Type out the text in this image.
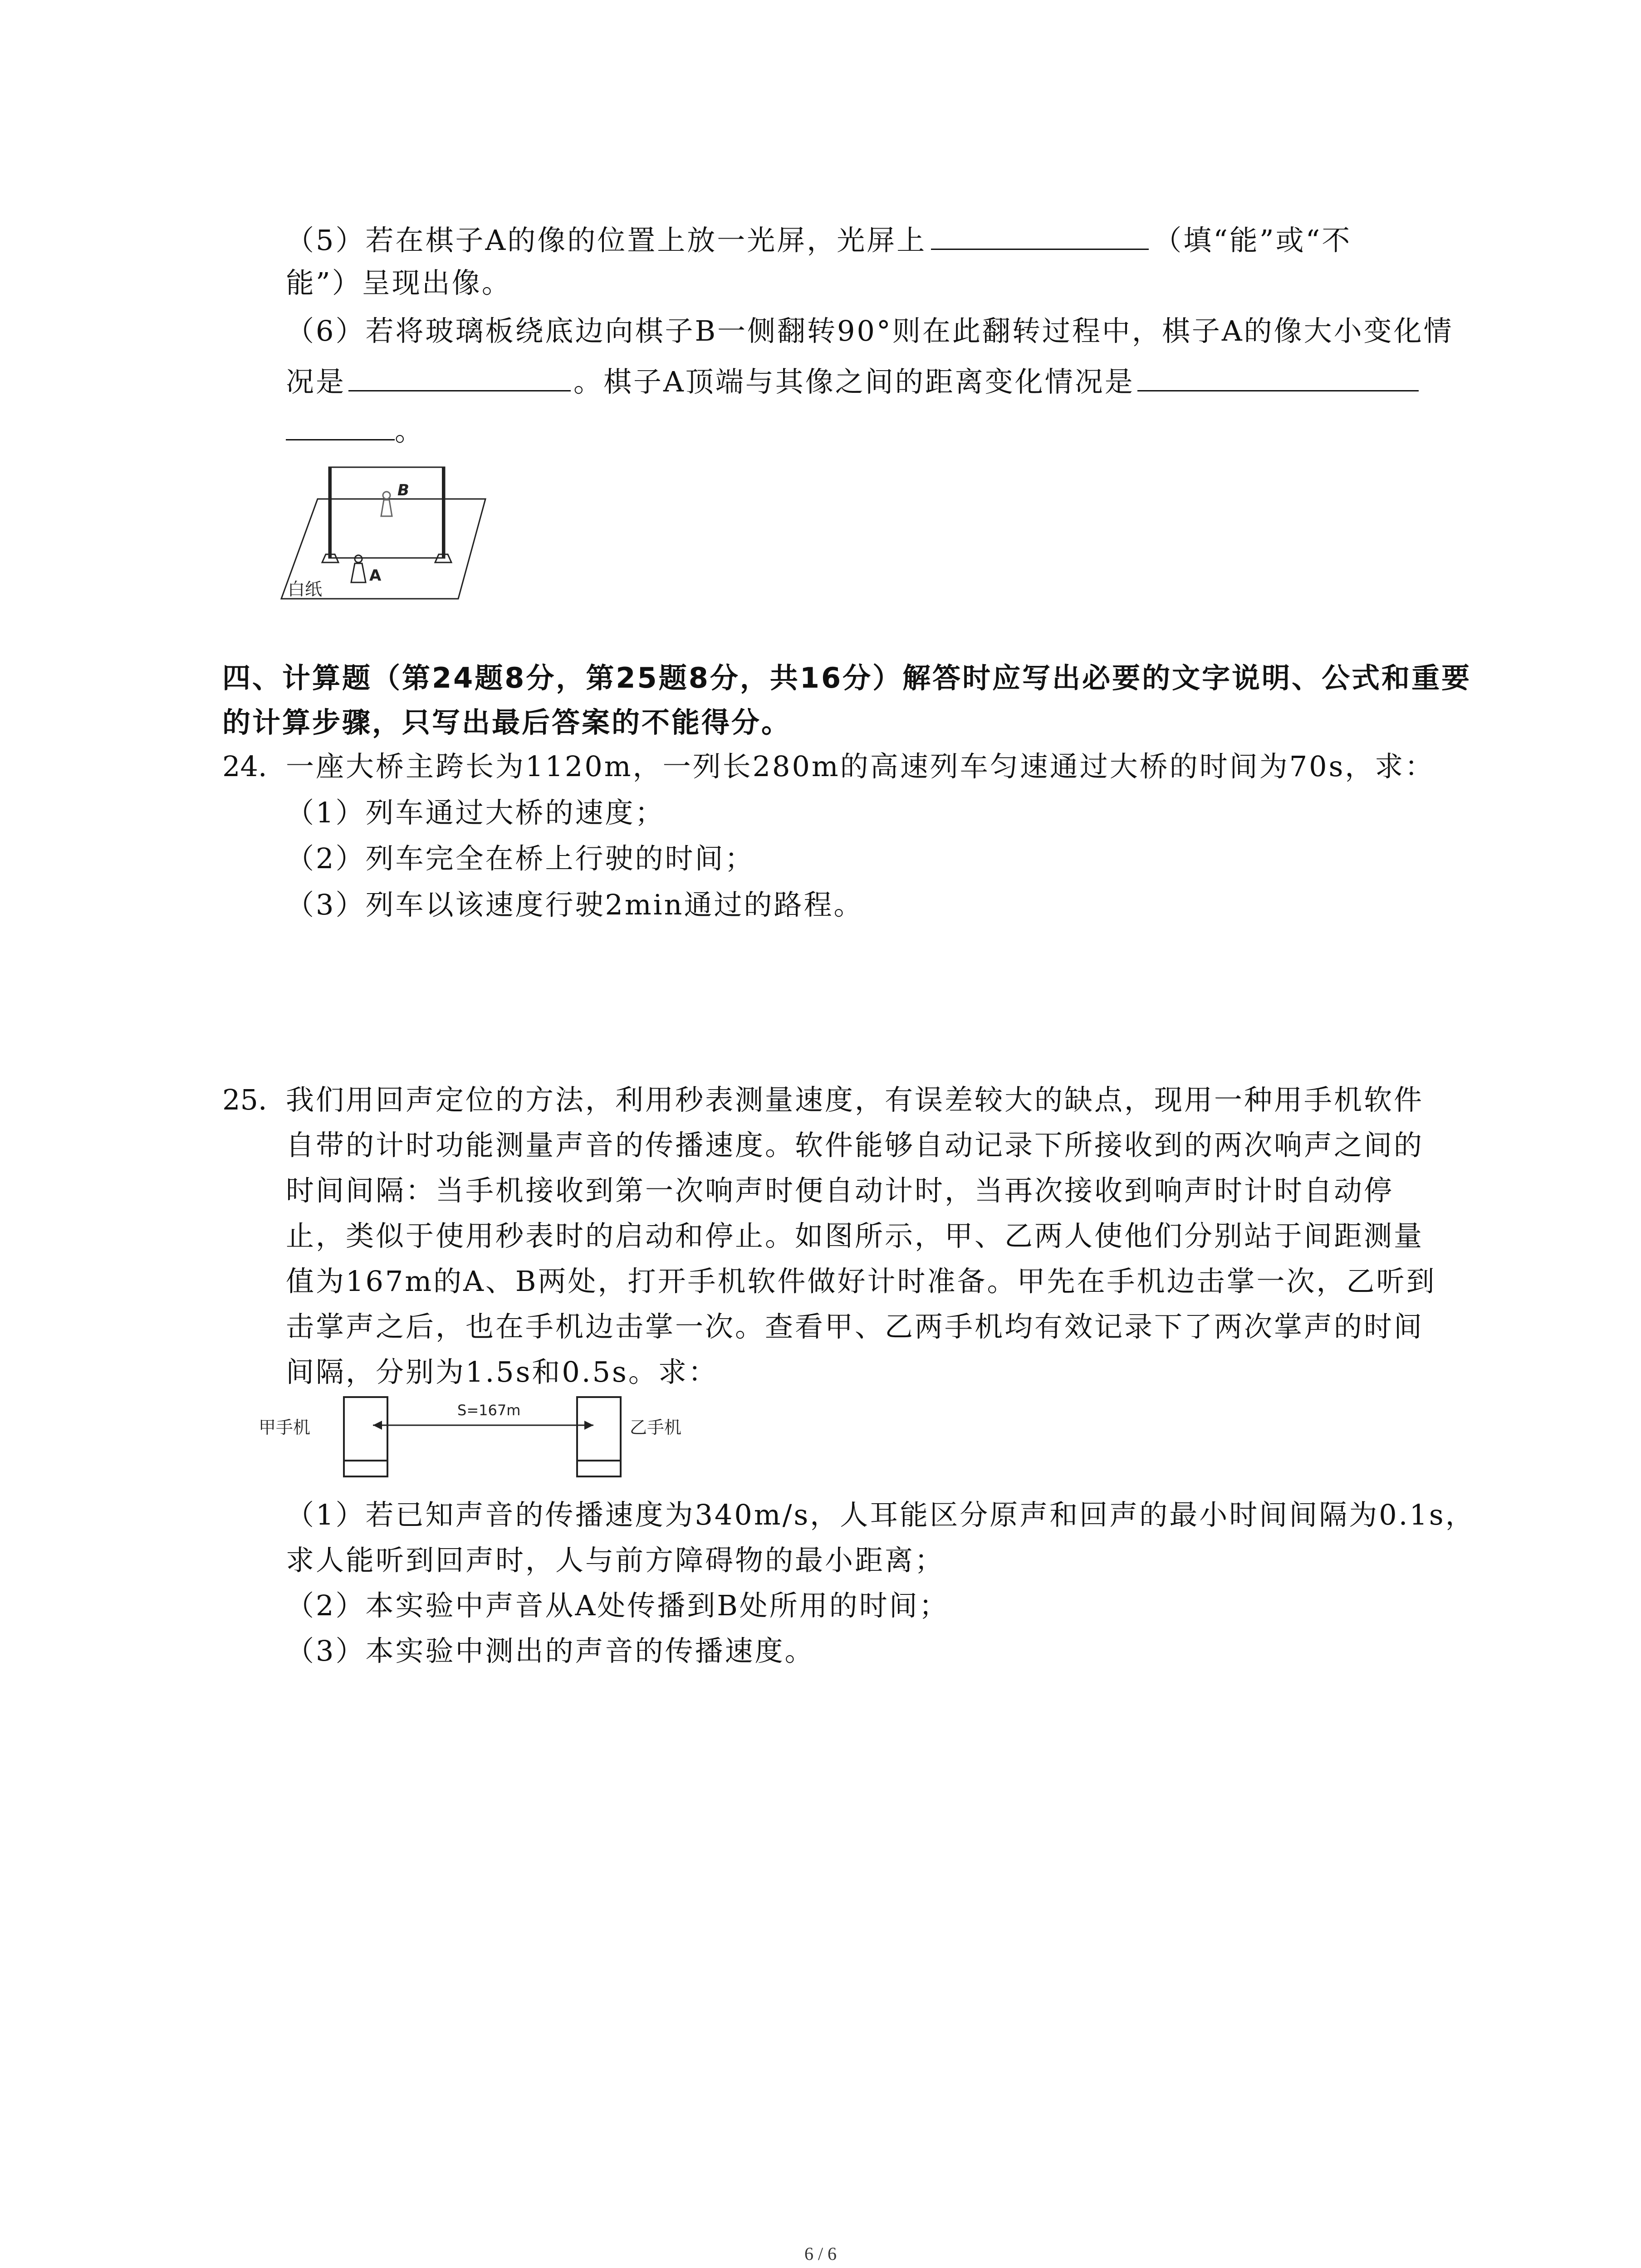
（5）若在棋子A的像的位置上放一光屏，光屏上	（填“能”或“不
能”）呈现出像。
（6）若将玻璃板绕底边向棋子B一侧翻转90°则在此翻转过程中，棋子A的像大小变化情
况是	。棋子A顶端与其像之间的距离变化情况是
。
B
A
白纸
四、计算题（第24题8分，第25题8分，共16分）解答时应写出必要的文字说明、公式和重要
的计算步骤，只写出最后答案的不能得分。
24. 一座大桥主跨长为1120m，一列长280m的高速列车匀速通过大桥的时间为70s，求：
（1）列车通过大桥的速度；
（2）列车完全在桥上行驶的时间；
（3）列车以该速度行驶2min通过的路程。
25. 我们用回声定位的方法，利用秒表测量速度，有误差较大的缺点，现用一种用手机软件
自带的计时功能测量声音的传播速度。软件能够自动记录下所接收到的两次响声之间的
时间间隔：当手机接收到第一次响声时便自动计时，当再次接收到响声时计时自动停
止，类似于使用秒表时的启动和停止。如图所示，甲、乙两人使他们分别站于间距测量
值为167m的A、B两处，打开手机软件做好计时准备。甲先在手机边击掌一次，乙听到
击掌声之后，也在手机边击掌一次。查看甲、乙两手机均有效记录下了两次掌声的时间
间隔，分别为1.5s和0.5s。求：
甲手机	乙手机
S=167m
（1）若已知声音的传播速度为340m/s，人耳能区分原声和回声的最小时间间隔为0.1s，
求人能听到回声时，人与前方障碍物的最小距离；
（2）本实验中声音从A处传播到B处所用的时间；
（3）本实验中测出的声音的传播速度。
6 / 6
